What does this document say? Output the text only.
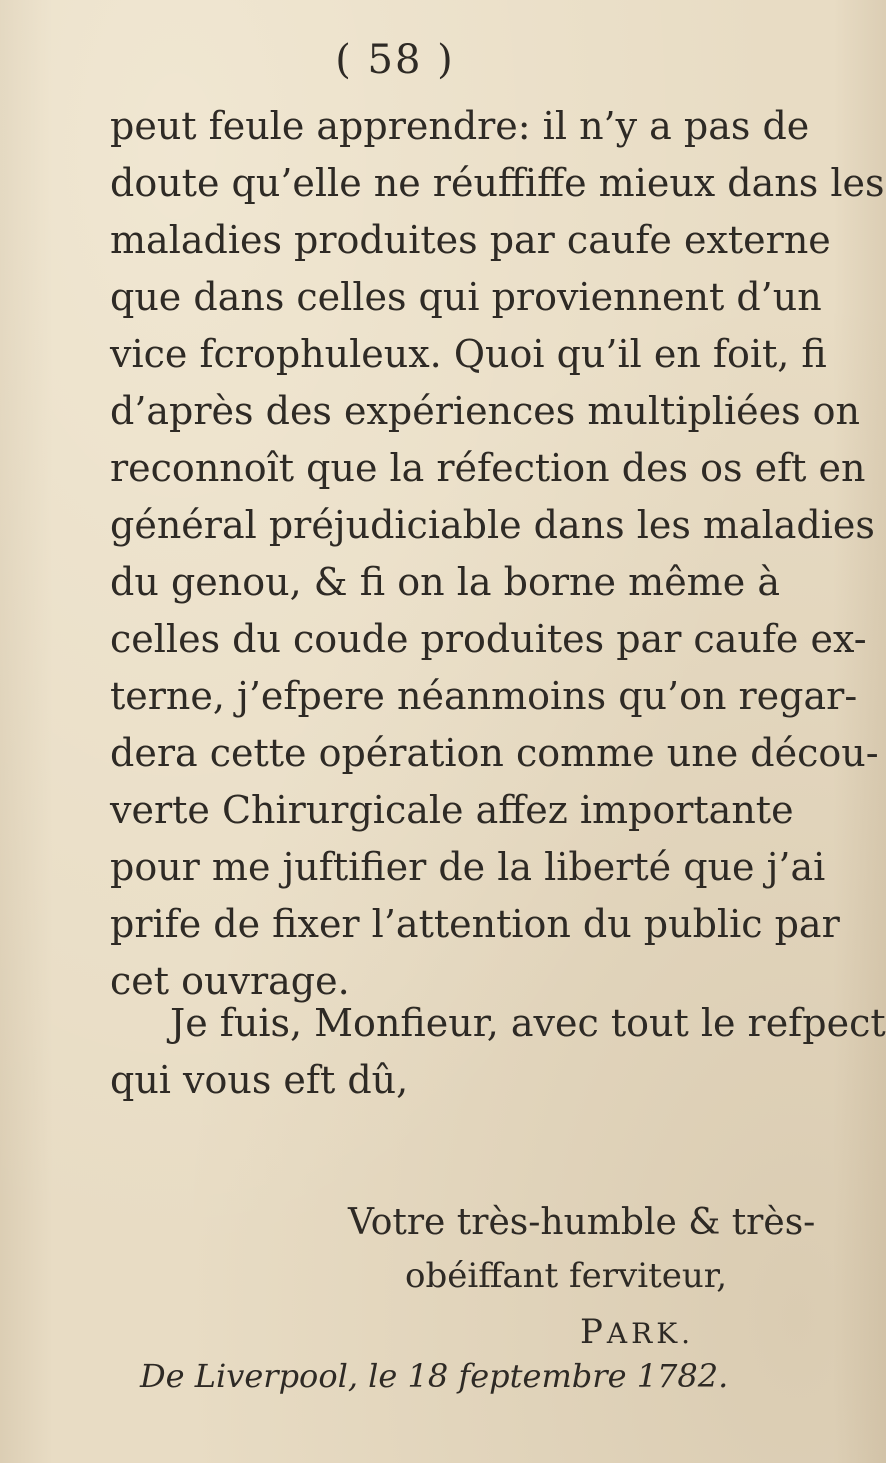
( 58 )
peut feule apprendre: il n’y a pas de
doute qu’elle ne réuffiffe mieux dans les
maladies produites par caufe externe
que dans celles qui proviennent d’un
vice fcrophuleux. Quoi qu’il en foit, fi
d’après des expériences multipliées on
reconnoît que la réfection des os eft en
général préjudiciable dans les maladies
du genou, & fi on la borne même à
celles du coude produites par caufe ex-
terne, j’efpere néanmoins qu’on regar-
dera cette opération comme une décou-
verte Chirurgicale affez importante
pour me juftifier de la liberté que j’ai
prife de fixer l’attention du public par
cet ouvrage.
Je fuis, Monfieur, avec tout le refpect
qui vous eft dû,
Votre très-humble & très-
obéiffant ferviteur,
PARK.
De Liverpool, le 18 feptembre 1782.
